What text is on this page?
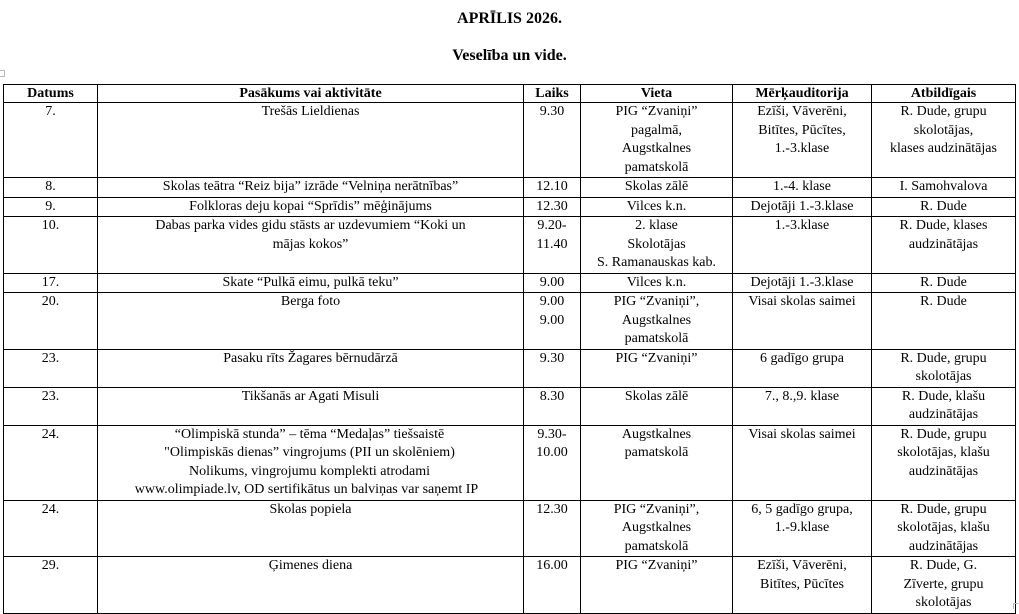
APRĪLIS 2026.
Veselība un vide.
Datums	Pasākums vai aktivitāte	Laiks	Vieta	Mērķauditorija	Atbildīgais
7.	Trešās Lieldienas	9.30	PIG “Zvaniņi”
pagalmā,
Augstkalnes
pamatskolā	Ezīši, Vāverēni,
Bitītes, Pūcītes,
1.-3.klase	R. Dude, grupu
skolotājas,
klases audzinātājas

8.	Skolas teātra “Reiz bija” izrāde “Velniņa nerātnības”	12.10	Skolas zālē	1.-4. klase	I. Samohvalova

9.	Folkloras deju kopai “Sprīdis” mēģinājums	12.30	Vilces k.n.	Dejotāji 1.-3.klase	R. Dude

10.	Dabas parka vides gidu stāsts ar uzdevumiem “Koki un
mājas kokos”	9.20-
11.40	2. klase
Skolotājas
S. Ramanauskas kab.	1.-3.klase	R. Dude, klases
audzinātājas

17.	Skate “Pulkā eimu, pulkā teku”	9.00	Vilces k.n.	Dejotāji 1.-3.klase	R. Dude

20.	Berga foto	9.00
9.00	PIG “Zvaniņi”,
Augstkalnes
pamatskolā	Visai skolas saimei	R. Dude

23.	Pasaku rīts Žagares bērnudārzā	9.30	PIG “Zvaniņi”	6 gadīgo grupa	R. Dude, grupu
skolotājas

23.	Tikšanās ar Agati Misuli	8.30	Skolas zālē	7., 8.,9. klase	R. Dude, klašu
audzinātājas

24.	“Olimpiskā stunda” – tēma “Medaļas” tiešsaistē
"Olimpiskās dienas” vingrojums (PII un skolēniem)
Nolikums, vingrojumu komplekti atrodami
www.olimpiade.lv, OD sertifikātus un balviņas var saņemt IP	9.30-
10.00	Augstkalnes
pamatskolā	Visai skolas saimei	R. Dude, grupu
skolotājas, klašu
audzinātājas

24.	Skolas popiela	12.30	PIG “Zvaniņi”,
Augstkalnes
pamatskolā	6, 5 gadīgo grupa,
1.-9.klase	R. Dude, grupu
skolotājas, klašu
audzinātājas

29.	Ģimenes diena	16.00	PIG “Zvaniņi”	Ezīši, Vāverēni,
Bitītes, Pūcītes	R. Dude, G.
Zīverte, grupu
skolotājas
